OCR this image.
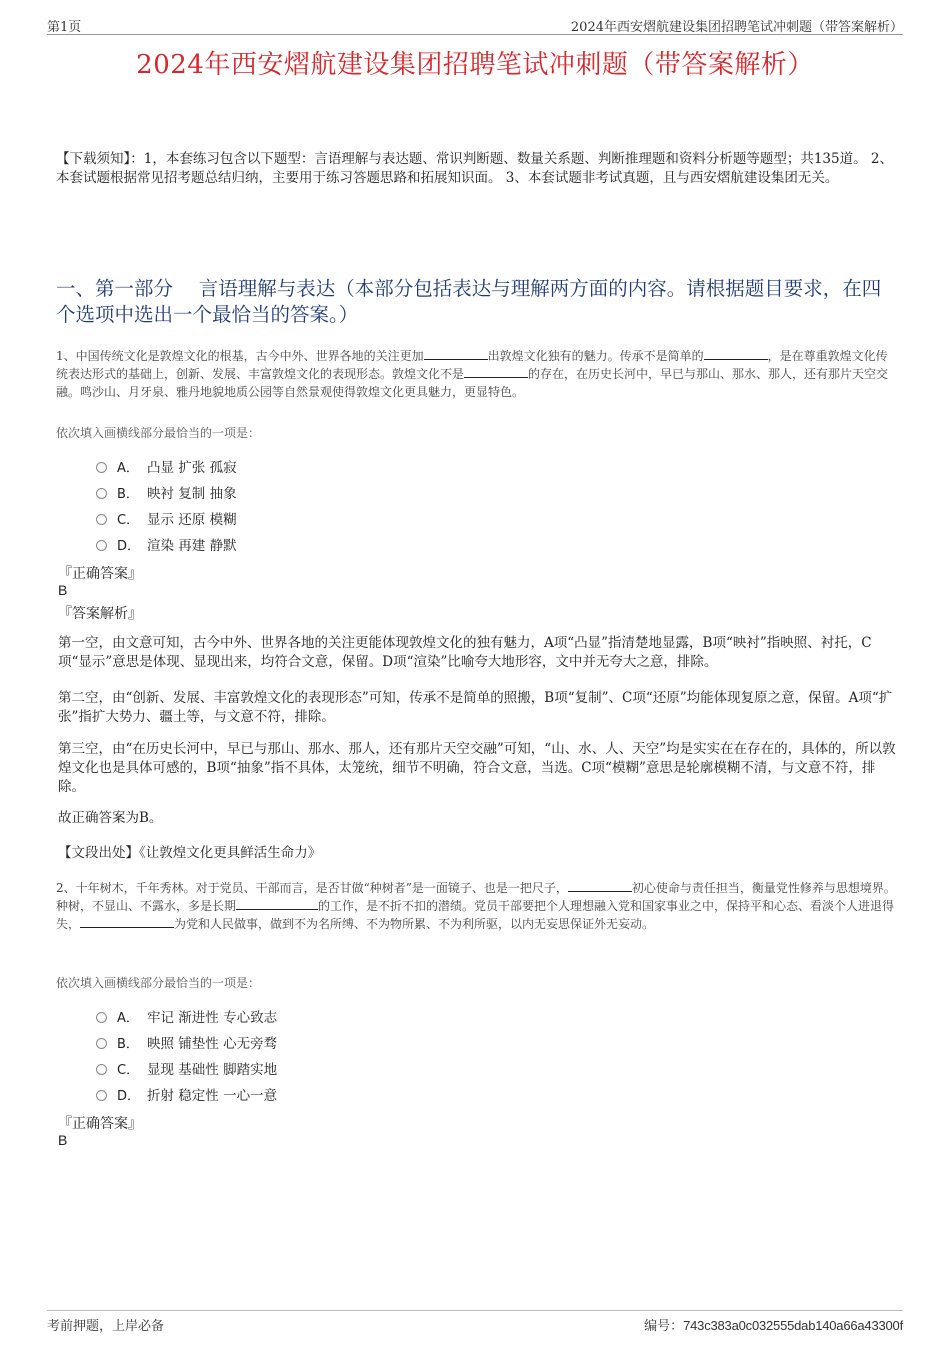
第1页	2024年西安熠航建设集团招聘笔试冲刺题（带答案解析）
2024年西安熠航建设集团招聘笔试冲刺题（带答案解析）
【下载须知】：1，本套练习包含以下题型：言语理解与表达题、常识判断题、数量关系题、判断推理题和资料分析题等题型；共135道。 2、本套试题根据常见招考题总结归纳，主要用于练习答题思路和拓展知识面。 3、本套试题非考试真题，且与西安熠航建设集团无关。
一、第一部分　 言语理解与表达（本部分包括表达与理解两方面的内容。请根据题目要求，在四个选项中选出一个最恰当的答案。）
1、中国传统文化是敦煌文化的根基，古今中外、世界各地的关注更加	出敦煌文化独有的魅力。传承不是简单的	，是在尊重敦煌文化传统表达形式的基础上，创新、发展、丰富敦煌文化的表现形态。敦煌文化不是	的存在，在历史长河中，早已与那山、那水、那人，还有那片天空交融。鸣沙山、月牙泉、雅丹地貌地质公园等自然景观使得敦煌文化更具魅力，更显特色。
依次填入画横线部分最恰当的一项是：
A． 凸显 扩张 孤寂
B． 映衬 复制 抽象
C． 显示 还原 模糊
D． 渲染 再建 静默
『正确答案』
B
『答案解析』
第一空，由文意可知，古今中外、世界各地的关注更能体现敦煌文化的独有魅力，A项“凸显”指清楚地显露，B项“映衬”指映照、衬托，C项“显示”意思是体现、显现出来，均符合文意，保留。D项“渲染”比喻夸大地形容，文中并无夸大之意，排除。
第二空，由“创新、发展、丰富敦煌文化的表现形态”可知，传承不是简单的照搬，B项“复制”、C项“还原”均能体现复原之意，保留。A项“扩张”指扩大势力、疆土等，与文意不符，排除。
第三空，由“在历史长河中，早已与那山、那水、那人，还有那片天空交融”可知，“山、水、人、天空”均是实实在在存在的，具体的，所以敦煌文化也是具体可感的，B项“抽象”指不具体，太笼统，细节不明确，符合文意，当选。C项“模糊”意思是轮廓模糊不清，与文意不符，排除。
故正确答案为B。
【文段出处】《让敦煌文化更具鲜活生命力》
2、十年树木，千年秀林。对于党员、干部而言，是否甘做“种树者”是一面镜子、也是一把尺子，	初心使命与责任担当，衡量党性修养与思想境界。种树，不显山、不露水，多是长期	的工作，是不折不扣的潜绩。党员干部要把个人理想融入党和国家事业之中，保持平和心态、看淡个人进退得失，	为党和人民做事，做到不为名所缚、不为物所累、不为利所驱，以内无妄思保证外无妄动。
依次填入画横线部分最恰当的一项是：
A． 牢记 渐进性 专心致志
B． 映照 铺垫性 心无旁骛
C． 显现 基础性 脚踏实地
D． 折射 稳定性 一心一意
『正确答案』
B
考前押题，上岸必备	编号：743c383a0c032555dab140a66a43300f
